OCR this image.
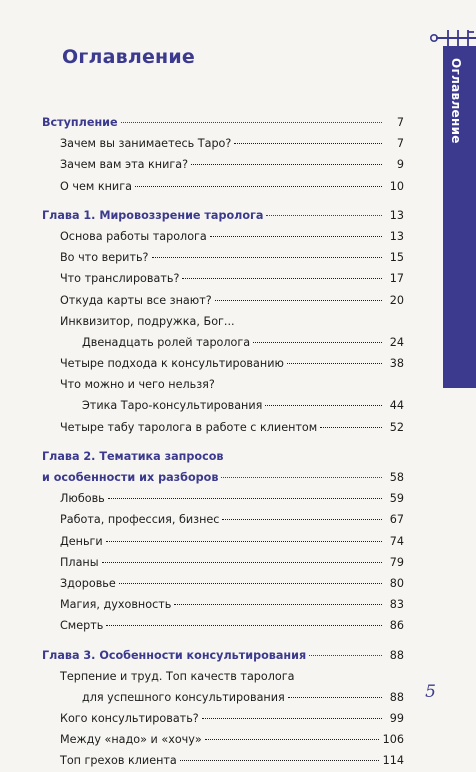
Оглавление
Оглавление
Вступление	7
Зачем вы занимаетесь Таро?	7
Зачем вам эта книга?	9
О чем книга	10
Глава 1. Мировоззрение таролога	13
Основа работы таролога	13
Во что верить?	15
Что транслировать?	17
Откуда карты все знают?	20
Инквизитор, подружка, Бог...
Двенадцать ролей таролога	24
Четыре подхода к консультированию	38
Что можно и чего нельзя?
Этика Таро-консультирования	44
Четыре табу таролога в работе с клиентом	52
Глава 2. Тематика запросов
и особенности их разборов	58
Любовь	59
Работа, профессия, бизнес	67
Деньги	74
Планы	79
Здоровье	80
Магия, духовность	83
Смерть	86
Глава 3. Особенности консультирования	88
Терпение и труд. Топ качеств таролога
для успешного консультирования	88
Кого консультировать?	99
Между «надо» и «хочу»	106
Топ грехов клиента	114
5
